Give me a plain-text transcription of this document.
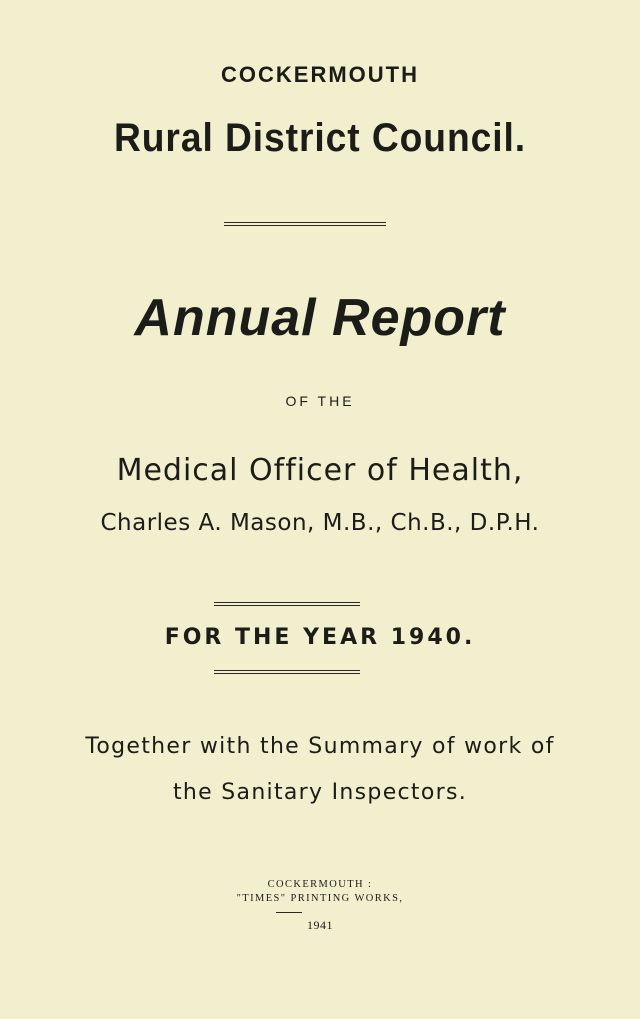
COCKERMOUTH
Rural District Council.
Annual Report
OF THE
Medical Officer of Health,
Charles A. Mason, M.B., Ch.B., D.P.H.
FOR THE YEAR 1940.
Together with the Summary of work of
the Sanitary Inspectors.
COCKERMOUTH :
"TIMES" PRINTING WORKS,
1941
